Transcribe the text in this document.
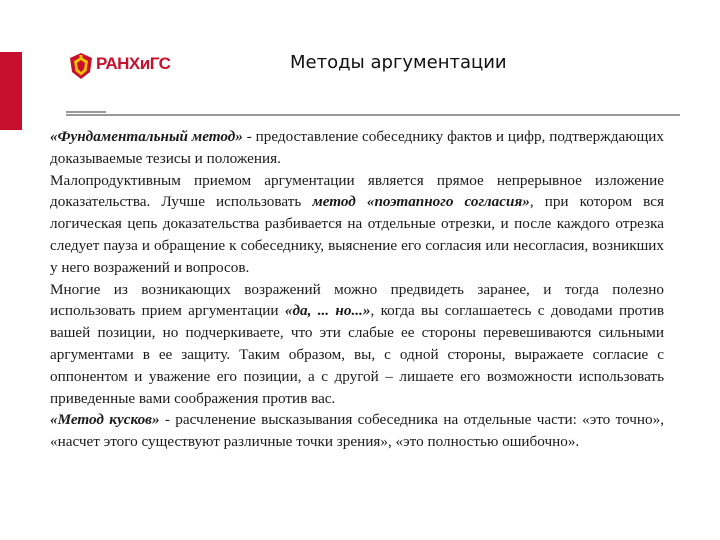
РАНХиГС	Методы аргументации

«Фундаментальный метод» - предоставление собеседнику фактов и цифр, подтверждающих доказываемые тезисы и положения.

Малопродуктивным приемом аргументации является прямое непрерывное изложение доказательства. Лучше использовать метод «поэтапного согласия», при котором вся логическая цепь доказательства разбивается на отдельные отрезки, и после каждого отрезка следует пауза и обращение к собеседнику, выяснение его согласия или несогласия, возникших у него возражений и вопросов.

Многие из возникающих возражений можно предвидеть заранее, и тогда полезно использовать прием аргументации «да, ... но...», когда вы соглашаетесь с доводами против вашей позиции, но подчеркиваете, что эти слабые ее стороны перевешиваются сильными аргументами в ее защиту. Таким образом, вы, с одной стороны, выражаете согласие с оппонентом и уважение его позиции, а с другой – лишаете его возможности использовать приведенные вами соображения против вас.

«Метод кусков» - расчленение высказывания собеседника на отдельные части: «это точно», «насчет этого существуют различные точки зрения», «это полностью ошибочно».
